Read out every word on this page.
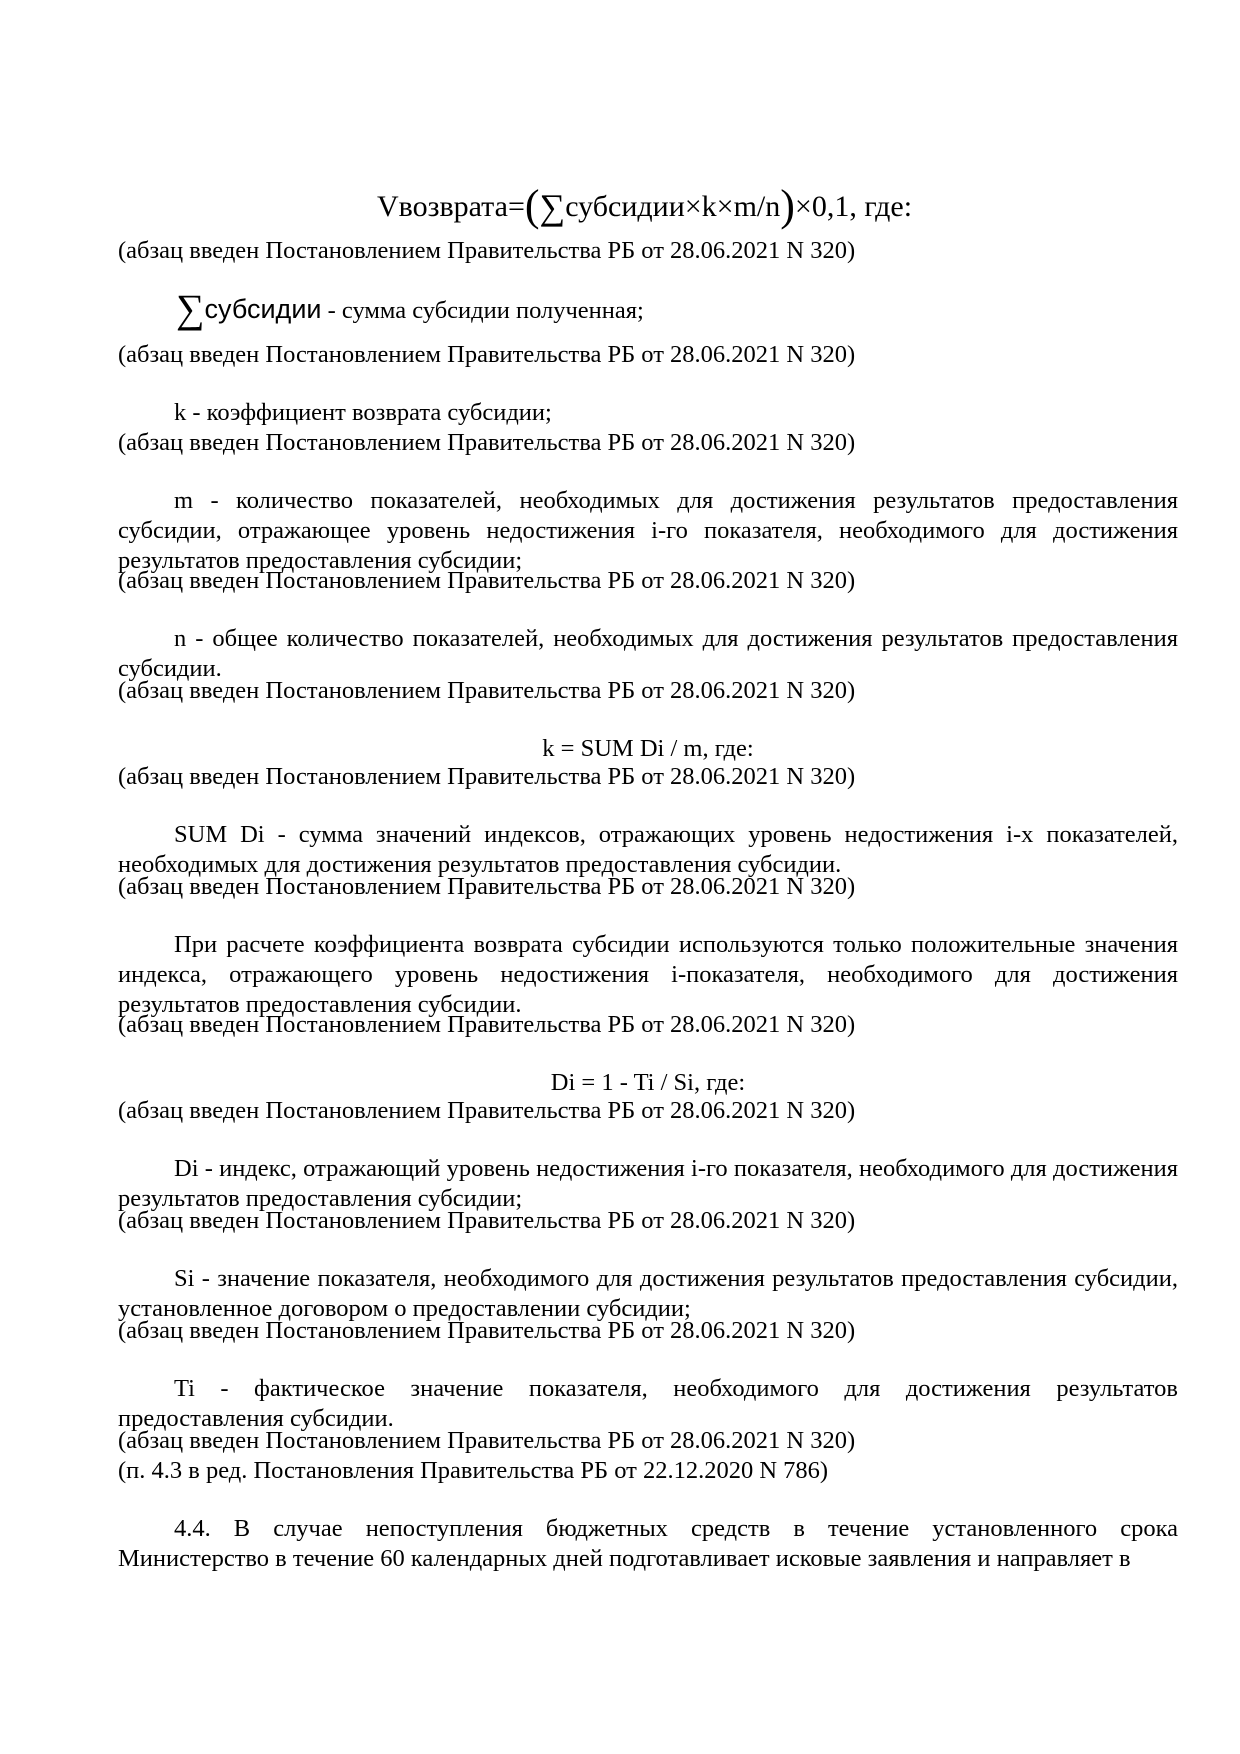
Vвозврата=(∑субсидии×k×m/n)×0,1, где:

(абзац введен Постановлением Правительства РБ от 28.06.2021 N 320)

∑субсидии - сумма субсидии полученная;

(абзац введен Постановлением Правительства РБ от 28.06.2021 N 320)

k - коэффициент возврата субсидии;

(абзац введен Постановлением Правительства РБ от 28.06.2021 N 320)

m - количество показателей, необходимых для достижения результатов предоставления субсидии, отражающее уровень недостижения i-го показателя, необходимого для достижения результатов предоставления субсидии;

(абзац введен Постановлением Правительства РБ от 28.06.2021 N 320)

n - общее количество показателей, необходимых для достижения результатов предоставления субсидии.

(абзац введен Постановлением Правительства РБ от 28.06.2021 N 320)

k = SUM Di / m, где:

(абзац введен Постановлением Правительства РБ от 28.06.2021 N 320)

SUM Di - сумма значений индексов, отражающих уровень недостижения i-х показателей, необходимых для достижения результатов предоставления субсидии.

(абзац введен Постановлением Правительства РБ от 28.06.2021 N 320)

При расчете коэффициента возврата субсидии используются только положительные значения индекса, отражающего уровень недостижения i-показателя, необходимого для достижения результатов предоставления субсидии.

(абзац введен Постановлением Правительства РБ от 28.06.2021 N 320)

Di = 1 - Ti / Si, где:

(абзац введен Постановлением Правительства РБ от 28.06.2021 N 320)

Di - индекс, отражающий уровень недостижения i-го показателя, необходимого для достижения результатов предоставления субсидии;

(абзац введен Постановлением Правительства РБ от 28.06.2021 N 320)

Si - значение показателя, необходимого для достижения результатов предоставления субсидии, установленное договором о предоставлении субсидии;

(абзац введен Постановлением Правительства РБ от 28.06.2021 N 320)

Ti - фактическое значение показателя, необходимого для достижения результатов предоставления субсидии.

(абзац введен Постановлением Правительства РБ от 28.06.2021 N 320)

(п. 4.3 в ред. Постановления Правительства РБ от 22.12.2020 N 786)

4.4. В случае непоступления бюджетных средств в течение установленного срока Министерство в течение 60 календарных дней подготавливает исковые заявления и направляет в
